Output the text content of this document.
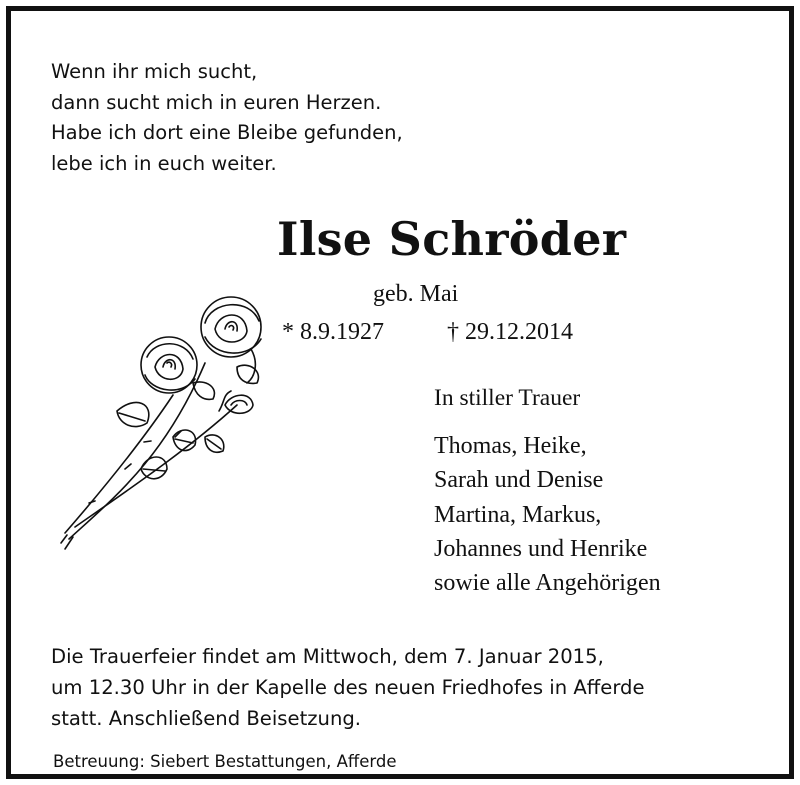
Wenn ihr mich sucht,
dann sucht mich in euren Herzen.
Habe ich dort eine Bleibe gefunden,
lebe ich in euch weiter.
Ilse Schröder
geb. Mai
* 8.9.1927	† 29.12.2014
In stiller Trauer
Thomas, Heike,
Sarah und Denise
Martina, Markus,
Johannes und Henrike
sowie alle Angehörigen
Die Trauerfeier findet am Mittwoch, dem 7. Januar 2015,
um 12.30 Uhr in der Kapelle des neuen Friedhofes in Afferde
statt. Anschließend Beisetzung.
Betreuung: Siebert Bestattungen, Afferde
